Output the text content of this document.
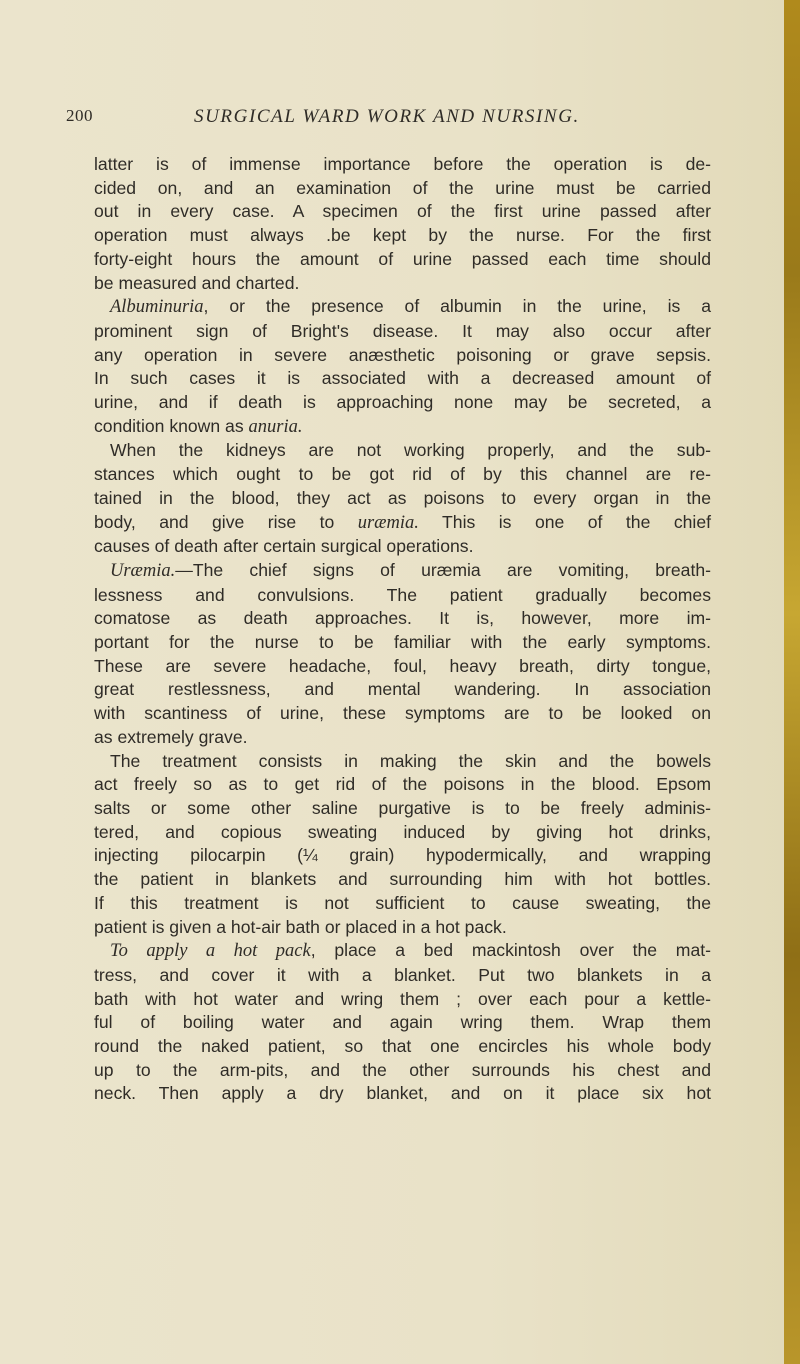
200	SURGICAL WARD WORK AND NURSING.
latter is of immense importance before the operation is de-
cided on, and an examination of the urine must be carried
out in every case. A specimen of the first urine passed after
operation must always .be kept by the nurse. For the first
forty-eight hours the amount of urine passed each time should
be measured and charted.
Albuminuria, or the presence of albumin in the urine, is a
prominent sign of Bright's disease. It may also occur after
any operation in severe anæsthetic poisoning or grave sepsis.
In such cases it is associated with a decreased amount of
urine, and if death is approaching none may be secreted, a
condition known as anuria.
When the kidneys are not working properly, and the sub-
stances which ought to be got rid of by this channel are re-
tained in the blood, they act as poisons to every organ in the
body, and give rise to uræmia. This is one of the chief
causes of death after certain surgical operations.
Uræmia.—The chief signs of uræmia are vomiting, breath-
lessness and convulsions. The patient gradually becomes
comatose as death approaches. It is, however, more im-
portant for the nurse to be familiar with the early symptoms.
These are severe headache, foul, heavy breath, dirty tongue,
great restlessness, and mental wandering. In association
with scantiness of urine, these symptoms are to be looked on
as extremely grave.
The treatment consists in making the skin and the bowels
act freely so as to get rid of the poisons in the blood. Epsom
salts or some other saline purgative is to be freely adminis-
tered, and copious sweating induced by giving hot drinks,
injecting pilocarpin (¼ grain) hypodermically, and wrapping
the patient in blankets and surrounding him with hot bottles.
If this treatment is not sufficient to cause sweating, the
patient is given a hot-air bath or placed in a hot pack.
To apply a hot pack, place a bed mackintosh over the mat-
tress, and cover it with a blanket. Put two blankets in a
bath with hot water and wring them ; over each pour a kettle-
ful of boiling water and again wring them. Wrap them
round the naked patient, so that one encircles his whole body
up to the arm-pits, and the other surrounds his chest and
neck. Then apply a dry blanket, and on it place six hot
